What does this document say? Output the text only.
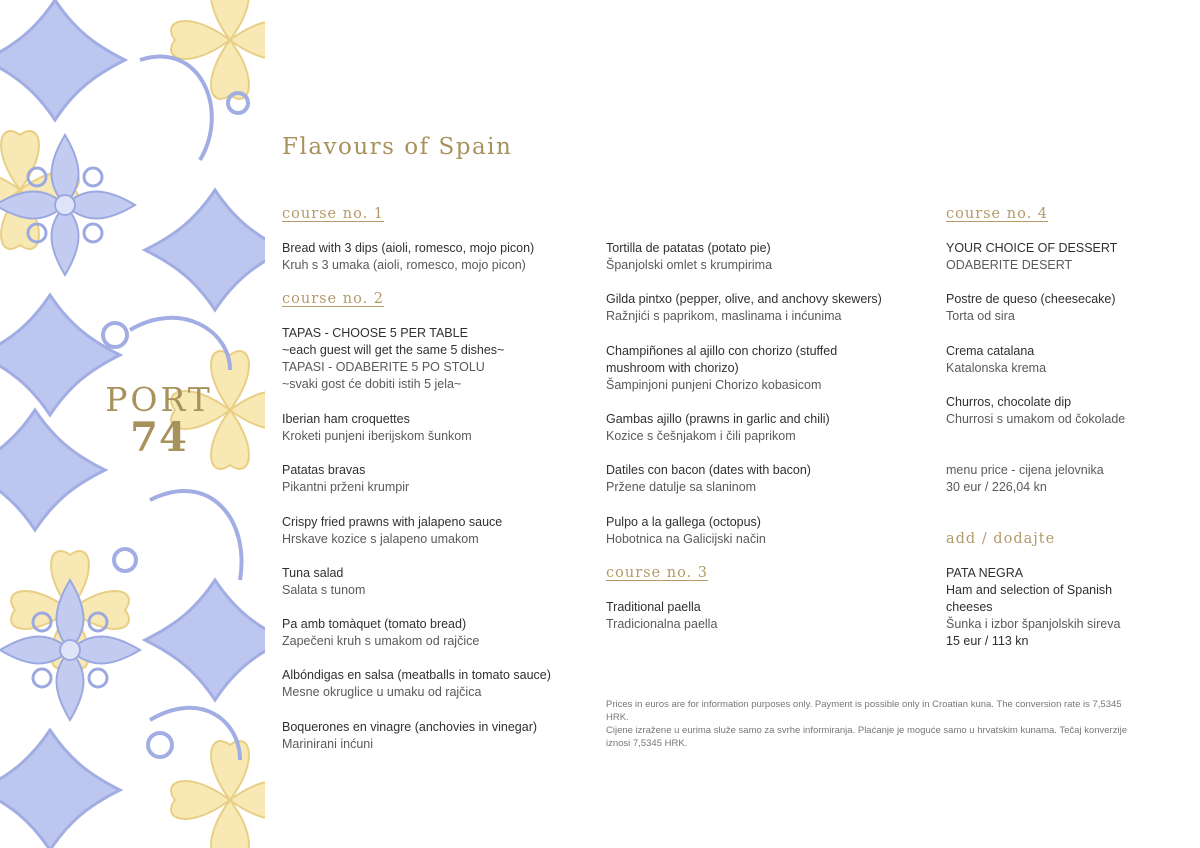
PORT
74
Flavours of Spain
course no. 1
Bread with 3 dips (aioli, romesco, mojo picon)
Kruh s 3 umaka (aioli, romesco, mojo picon)
course no. 2
TAPAS - CHOOSE 5 PER TABLE
~each guest will get the same 5 dishes~
TAPASI - ODABERITE 5 PO STOLU
~svaki gost će dobiti istih 5 jela~
Iberian ham croquettes
Kroketi punjeni iberijskom šunkom
Patatas bravas
Pikantni prženi krumpir
Crispy fried prawns with jalapeno sauce
Hrskave kozice s jalapeno umakom
Tuna salad
Salata s tunom
Pa amb tomàquet (tomato bread)
Zapečeni kruh s umakom od rajčice
Albóndigas en salsa (meatballs in tomato sauce)
Mesne okruglice u umaku od rajčica
Boquerones en vinagre (anchovies in vinegar)
Marinirani inćuni
Tortilla de patatas (potato pie)
Španjolski omlet s krumpirima
Gilda pintxo (pepper, olive, and anchovy skewers)
Ražnjići s paprikom, maslinama i inćunima
Champiñones al ajillo con chorizo (stuffed mushroom with chorizo)
Šampinjoni punjeni Chorizo kobasicom
Gambas ajillo (prawns in garlic and chili)
Kozice s češnjakom i čili paprikom
Datiles con bacon (dates with bacon)
Pržene datulje sa slaninom
Pulpo a la gallega (octopus)
Hobotnica na Galicijski način
course no. 3
Traditional paella
Tradicionalna paella
Prices in euros are for information purposes only. Payment is possible only in Croatian kuna. The conversion rate is 7,5345 HRK.
Cijene izražene u eurima služe samo za svrhe informiranja. Plaćanje je moguće samo u hrvatskim kunama. Tečaj konverzije iznosi 7,5345 HRK.
course no. 4
YOUR CHOICE OF DESSERT
ODABERITE DESERT
Postre de queso (cheesecake)
Torta od sira
Crema catalana
Katalonska krema
Churros, chocolate dip
Churrosi s umakom od čokolade
menu price - cijena jelovnika
30 eur / 226,04 kn
add / dodajte
PATA NEGRA
Ham and selection of Spanish cheeses
Šunka i izbor španjolskih sireva
15 eur / 113 kn
